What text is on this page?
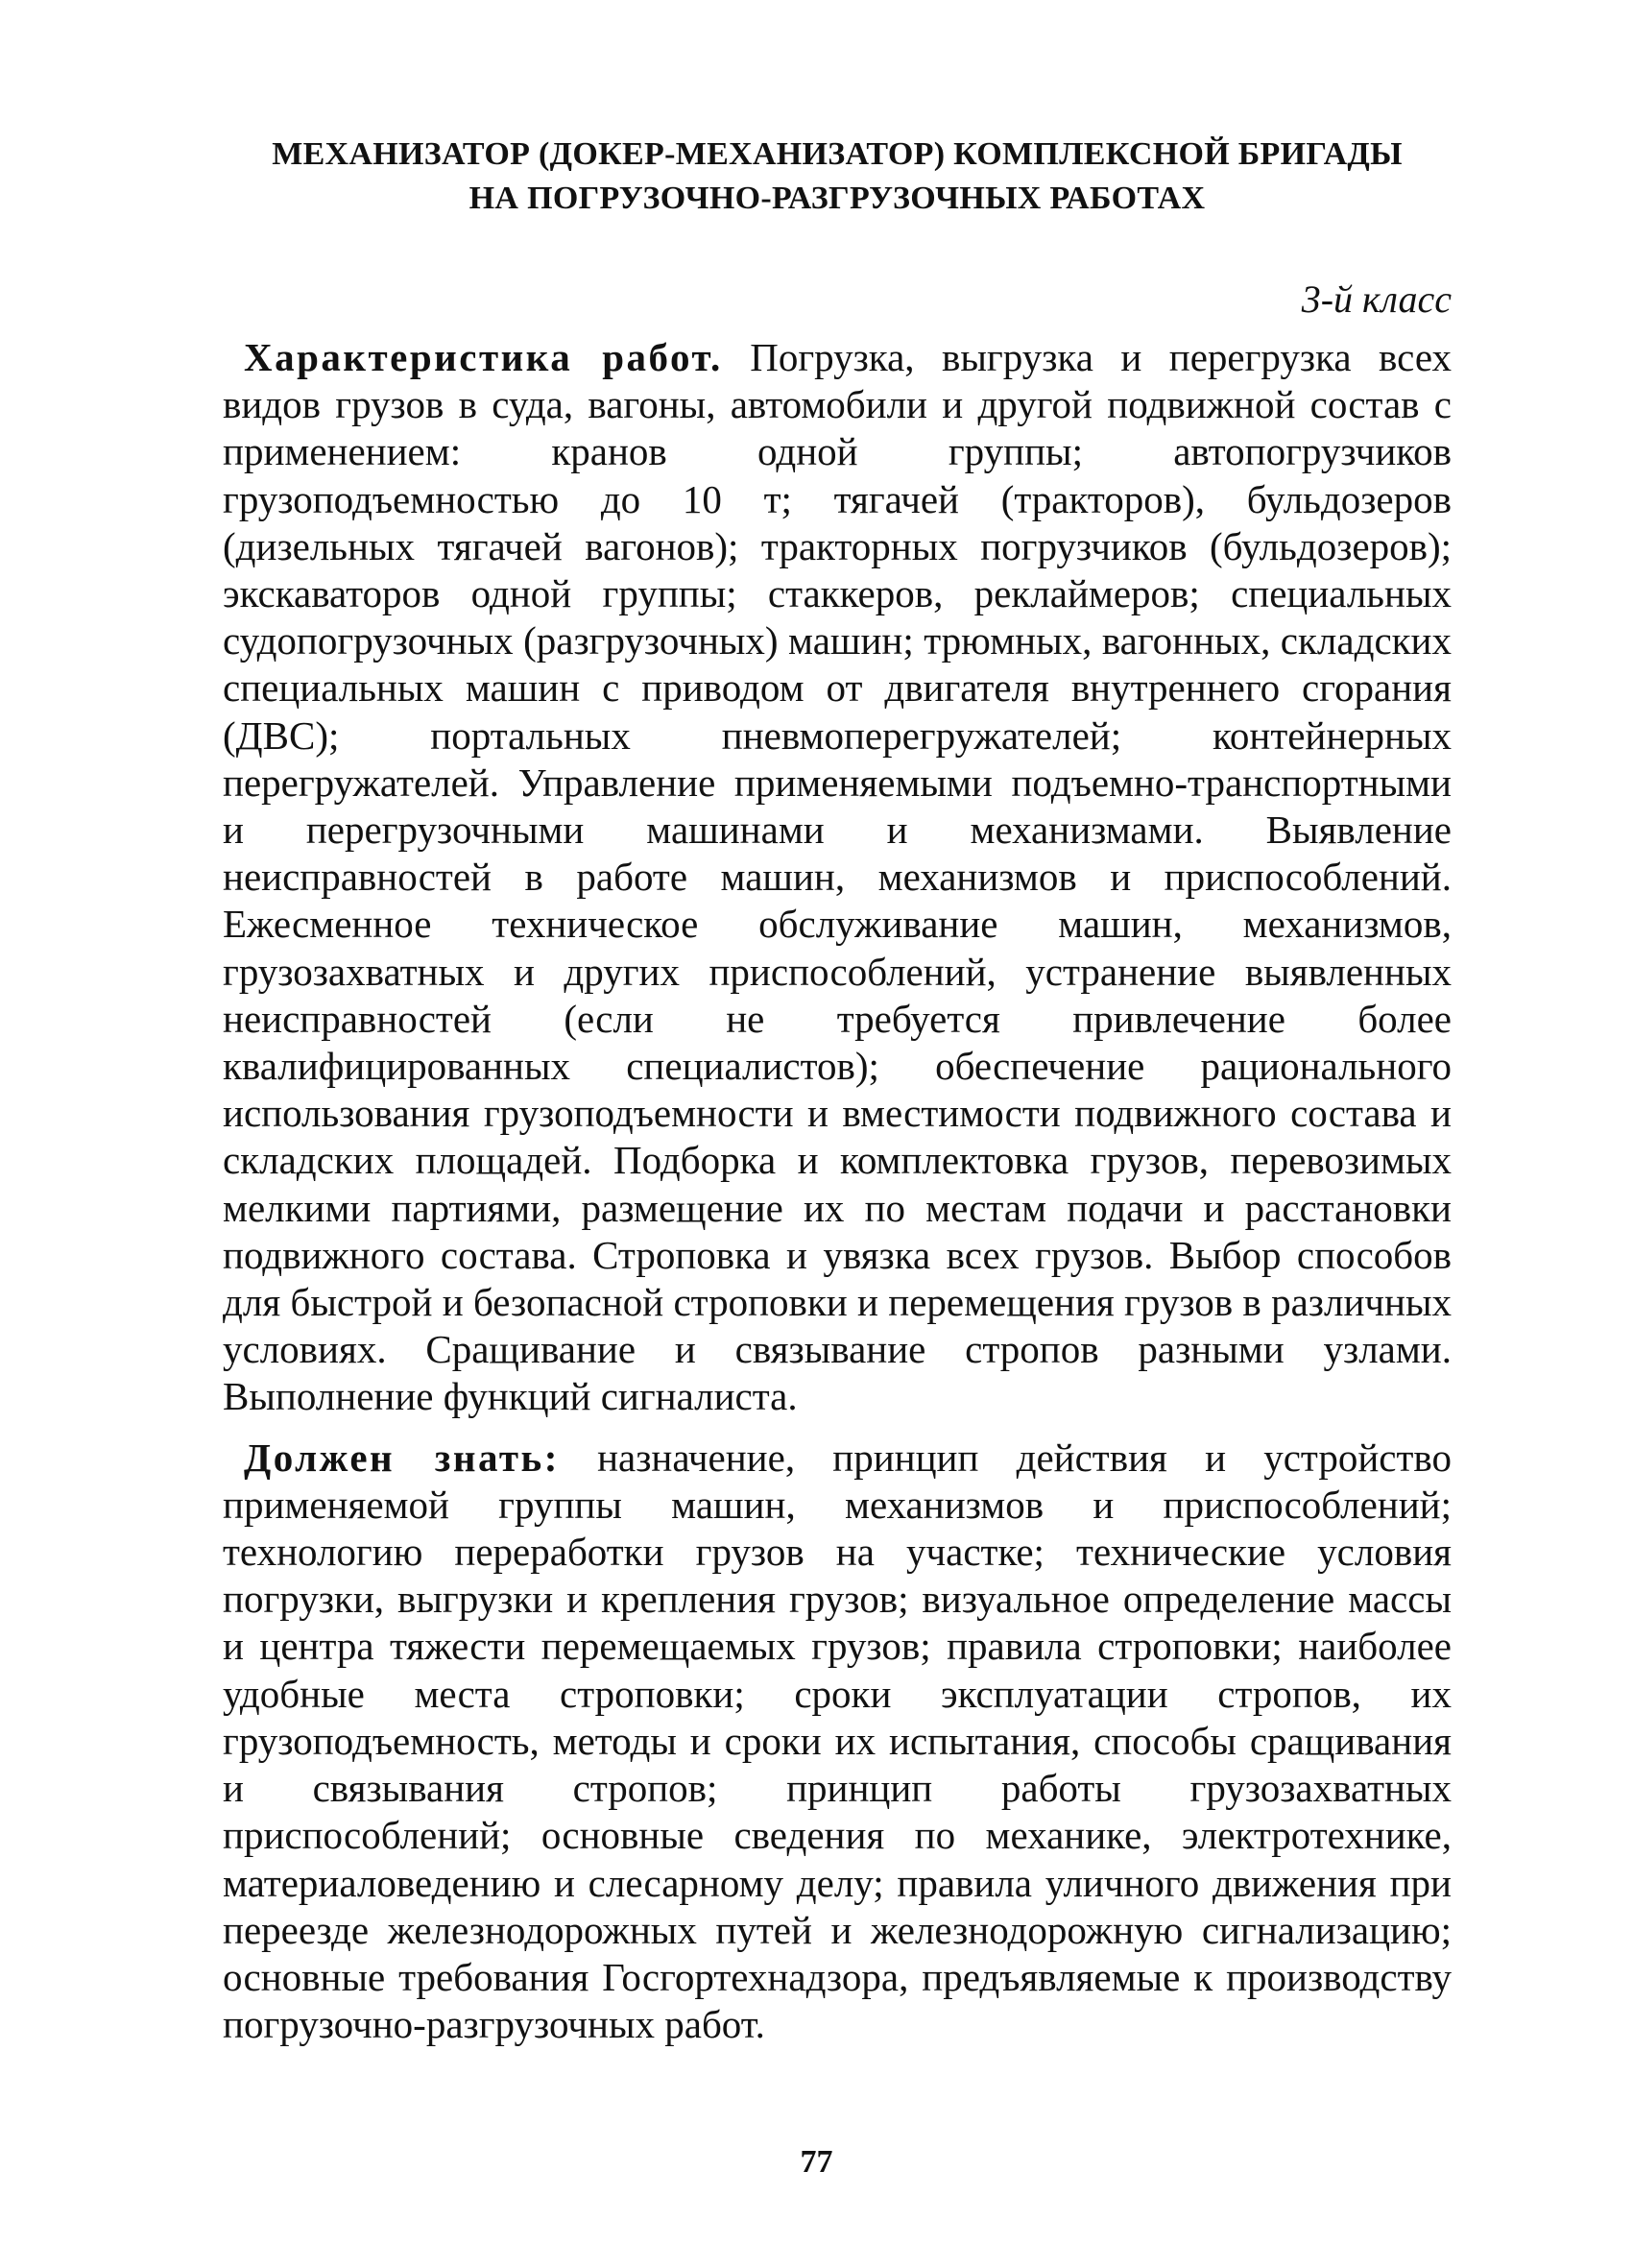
МЕХАНИЗАТОР (ДОКЕР-МЕХАНИЗАТОР) КОМПЛЕКСНОЙ БРИГАДЫ
НА ПОГРУЗОЧНО-РАЗГРУЗОЧНЫХ РАБОТАХ
3-й класс

Характеристика работ. Погрузка, выгрузка и перегрузка всех видов грузов в суда, вагоны, автомобили и другой подвижной состав с применением: кранов одной группы; автопогрузчиков грузоподъемностью до 10 т; тягачей (тракторов), бульдозеров (дизельных тягачей вагонов); тракторных погрузчиков (бульдозеров); экскаваторов одной группы; стаккеров, реклаймеров; специальных судопогрузочных (разгрузочных) машин; трюмных, вагонных, складских специальных машин с приводом от двигателя внутреннего сгорания (ДВС); портальных пневмоперегружателей; контейнерных перегружателей. Управление применяемыми подъемно-транспортными и перегрузочными машинами и механизмами. Выявление неисправностей в работе машин, механизмов и приспособлений. Ежесменное техническое обслуживание машин, механизмов, грузозахватных и других приспособлений, устранение выявленных неисправностей (если не требуется привлечение более квалифицированных специалистов); обеспечение рационального использования грузоподъемности и вместимости подвижного состава и складских площадей. Подборка и комплектовка грузов, перевозимых мелкими партиями, размещение их по местам подачи и расстановки подвижного состава. Строповка и увязка всех грузов. Выбор способов для быстрой и безопасной строповки и перемещения грузов в различных условиях. Сращивание и связывание стропов разными узлами. Выполнение функций сигналиста.

Должен знать: назначение, принцип действия и устройство применяемой группы машин, механизмов и приспособлений; технологию переработки грузов на участке; технические условия погрузки, выгрузки и крепления грузов; визуальное определение массы и центра тяжести перемещаемых грузов; правила строповки; наиболее удобные места строповки; сроки эксплуатации стропов, их грузоподъемность, методы и сроки их испытания, способы сращивания и связывания стропов; принцип работы грузозахватных приспособлений; основные сведения по механике, электротехнике, материаловедению и слесарному делу; правила уличного движения при переезде железнодорожных путей и железнодорожную сигнализацию; основные требования Госгортехнадзора, предъявляемые к производству погрузочно-разгрузочных работ.

77
